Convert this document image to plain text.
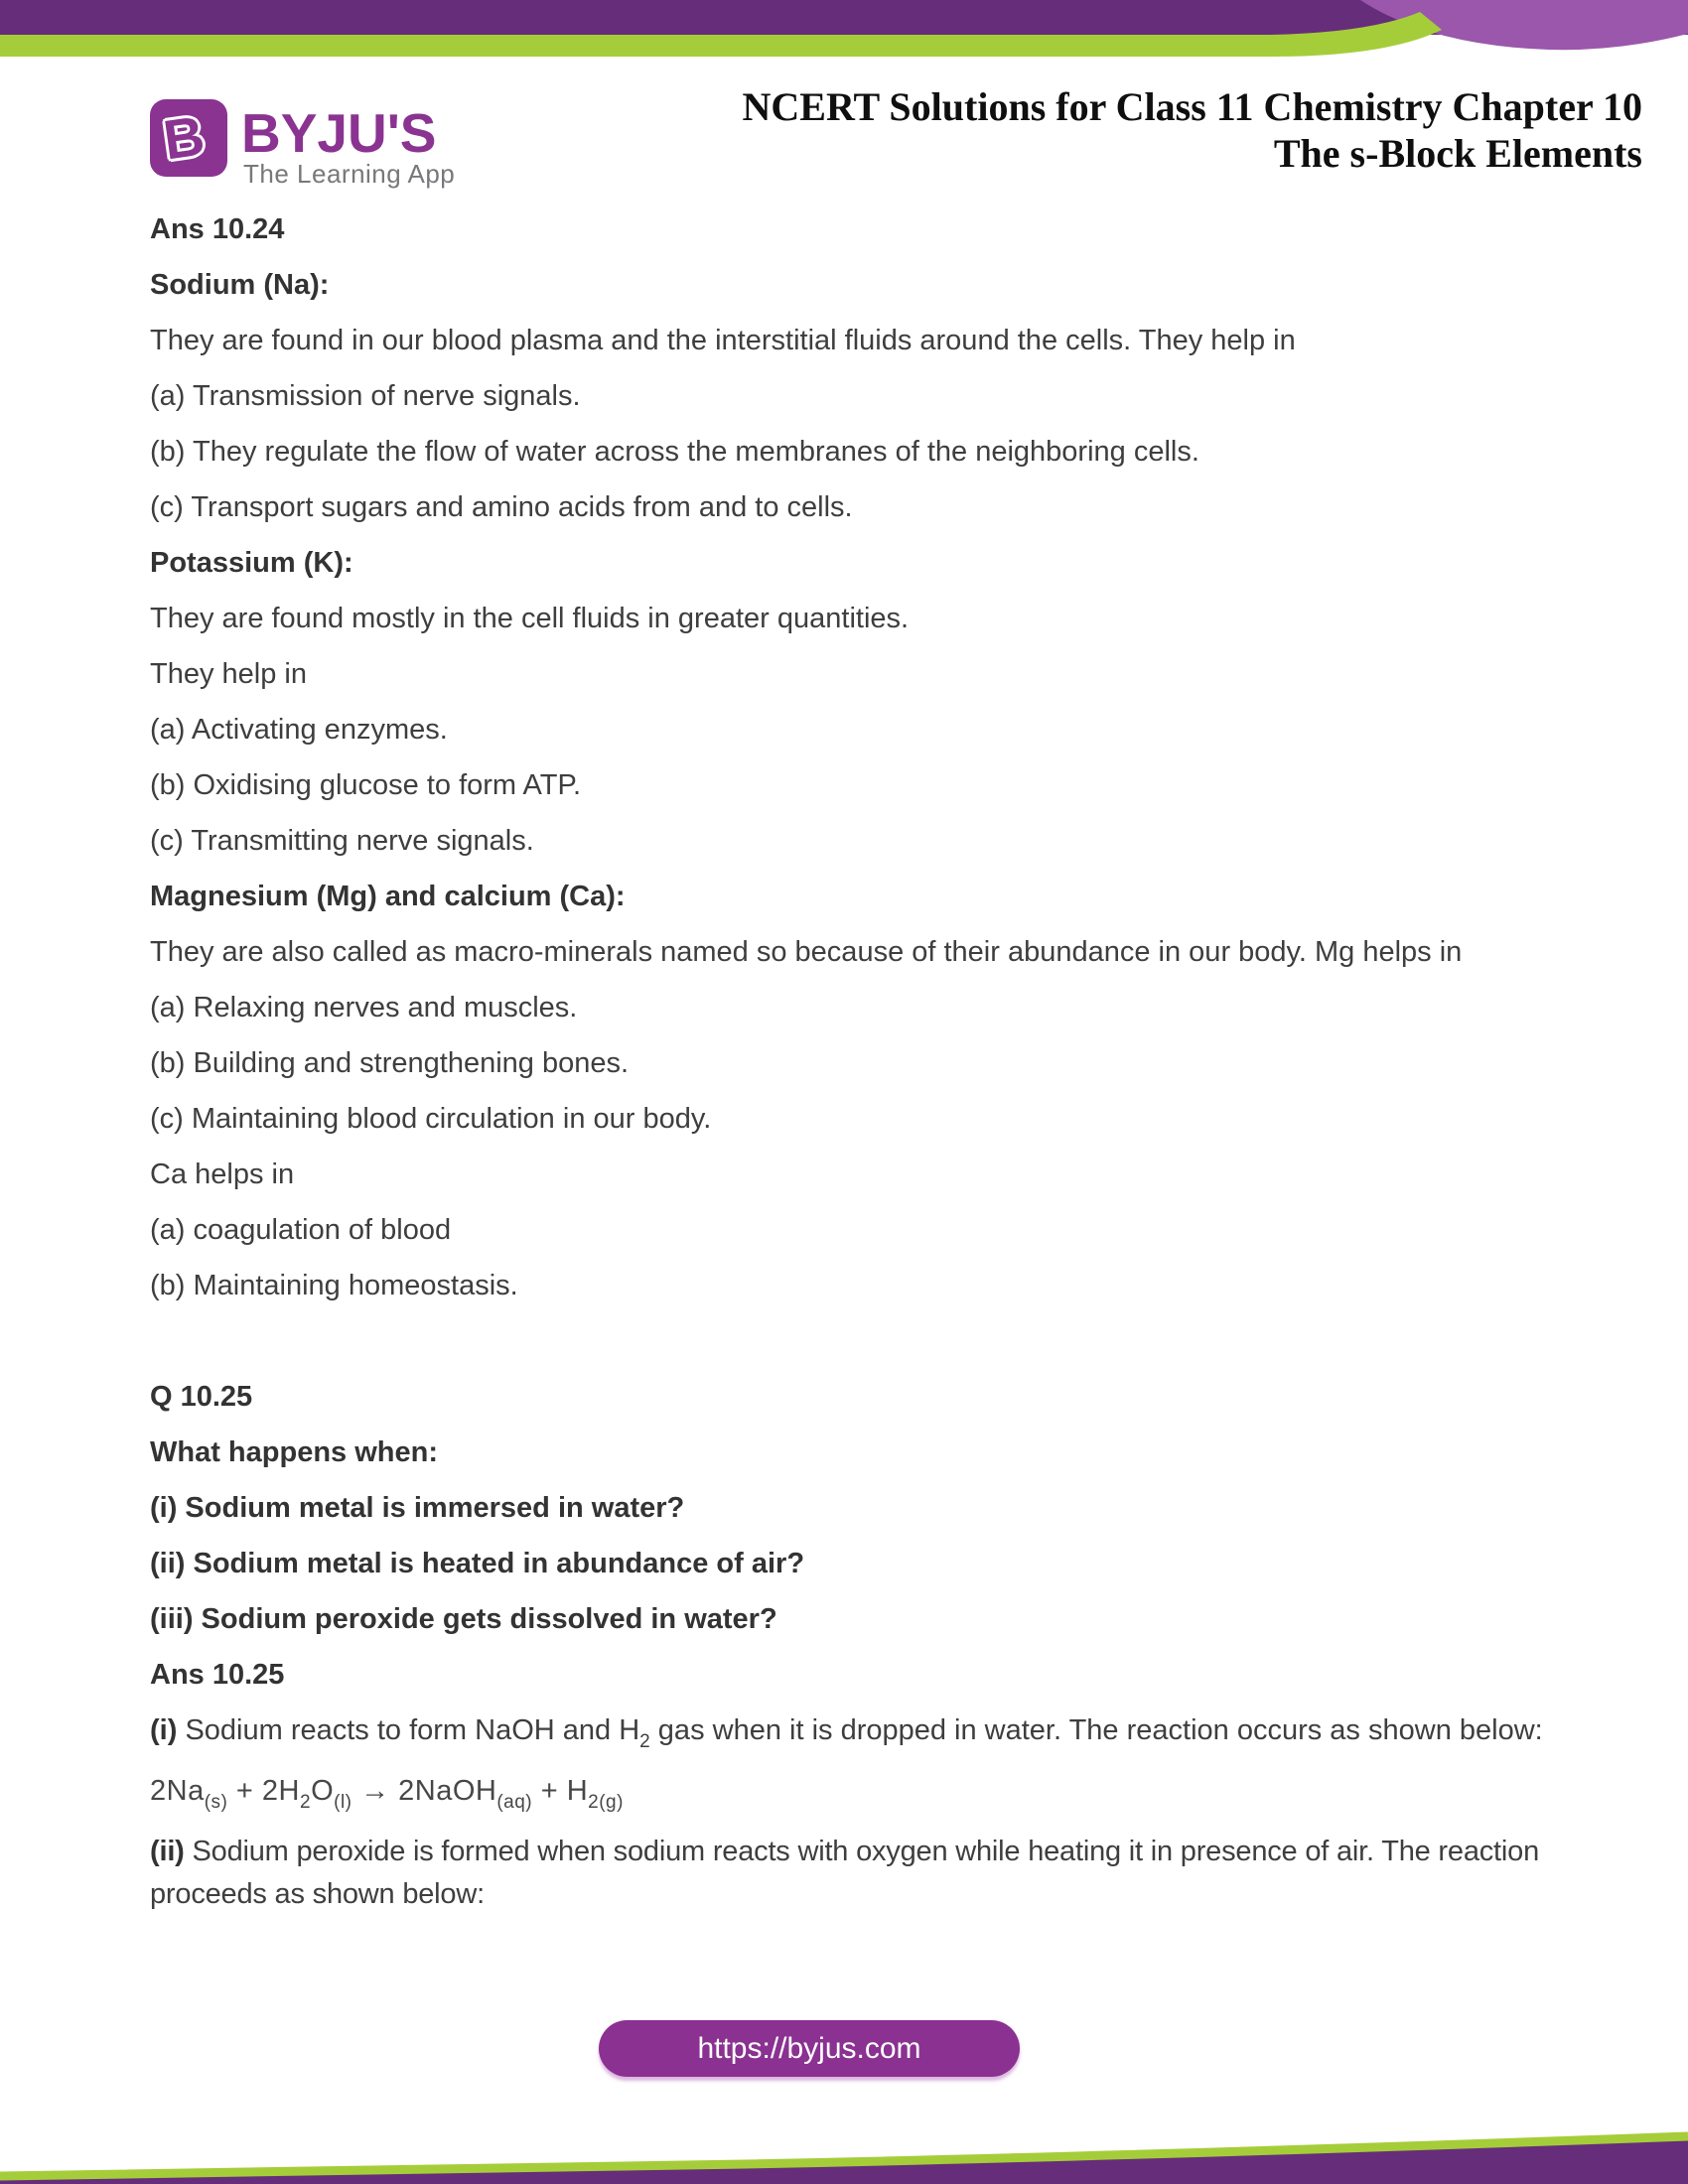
B BYJU'S
The Learning App
NCERT Solutions for Class 11 Chemistry Chapter 10
The s-Block Elements

Ans 10.24

Sodium (Na):

They are found in our blood plasma and the interstitial fluids around the cells. They help in

(a) Transmission of nerve signals.

(b) They regulate the flow of water across the membranes of the neighboring cells.

(c) Transport sugars and amino acids from and to cells.

Potassium (K):

They are found mostly in the cell fluids in greater quantities.

They help in

(a) Activating enzymes.

(b) Oxidising glucose to form ATP.

(c) Transmitting nerve signals.

Magnesium (Mg) and calcium (Ca):

They are also called as macro-minerals named so because of their abundance in our body. Mg helps in

(a) Relaxing nerves and muscles.

(b) Building and strengthening bones.

(c) Maintaining blood circulation in our body.

Ca helps in

(a) coagulation of blood

(b) Maintaining homeostasis.

Q 10.25

What happens when:

(i) Sodium metal is immersed in water?

(ii) Sodium metal is heated in abundance of air?

(iii) Sodium peroxide gets dissolved in water?

Ans 10.25

(i) Sodium reacts to form NaOH and $H_2$ gas when it is dropped in water. The reaction occurs as shown below:

$2Na_{(s)} + 2H_2O_{(l)}$ → 2NaOH$_{(aq)}$ + $H_{2(g)}$

(ii) Sodium peroxide is formed when sodium reacts with oxygen while heating it in presence of air. The reaction

proceeds as shown below:

https://byjus.com
